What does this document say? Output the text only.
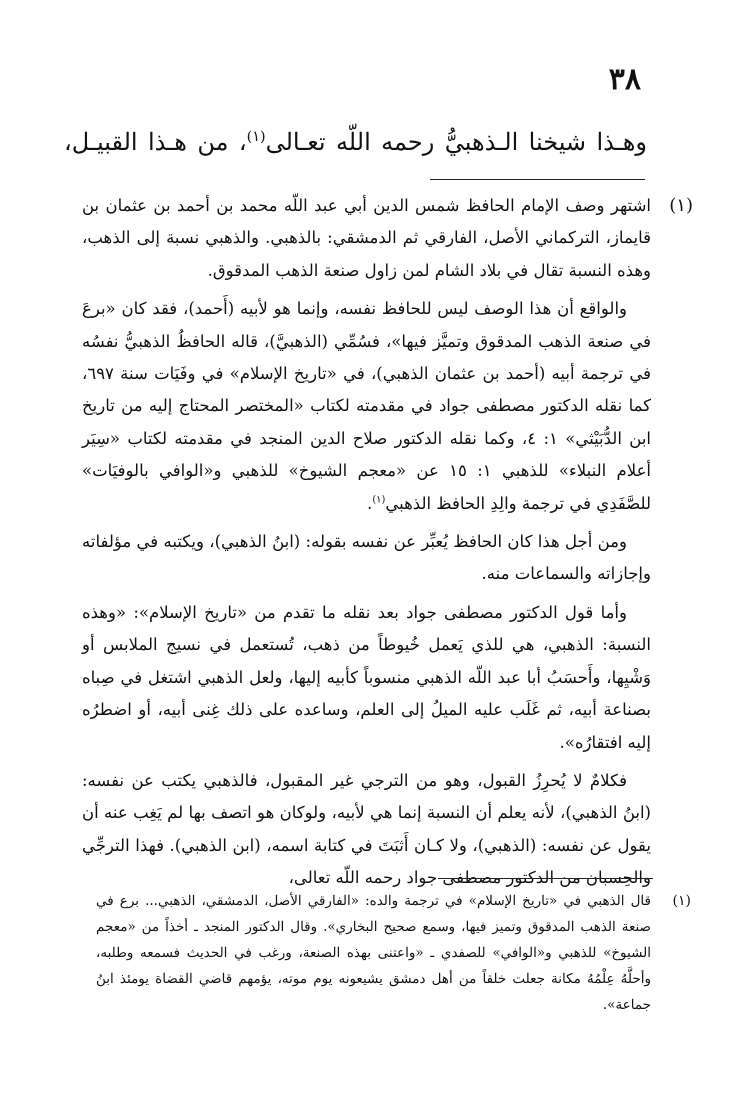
٣٨
وهـذا شيخنا الـذهبيُّ رحمه اللّه تعـالى$^{(١)}$، من هـذا القبيـل،
(١)

اشتهر وصف الإمام الحافظ شمس الدين أبي عبد اللّه محمد بن أحمد بن عثمان بن قايماز، التركماني الأصل، الفارقي ثم الدمشقي: بالذهبي. والذهبي نسبة إلى الذهب، وهذه النسبة تقال في بلاد الشام لمن زاول صنعة الذهب المدقوق.

والواقع أن هذا الوصف ليس للحافظ نفسه، وإنما هو لأبيه (أَحمد)، فقد كان «برعَ في صنعة الذهب المدقوق وتميَّز فيها»، فسُمِّي (الذهبيَّ)، قاله الحافظُ الذهبيُّ نفسُه في ترجمة أبيه (أحمد بن عثمان الذهبي)، في «تاريخ الإسلام» في وفَيَات سنة ٦٩٧، كما نقله الدكتور مصطفى جواد في مقدمته لكتاب «المختصر المحتاج إليه من تاريخ ابن الدُّبَيْثي» ١: ٤، وكما نقله الدكتور صلاح الدين المنجد في مقدمته لكتاب «سِيَر أعلام النبلاء» للذهبي ١: ١٥ عن «معجم الشيوخ» للذهبي و«الوافي بالوفيَات» للصَّفَدِي في ترجمة والِدِ الحافظ الذهبي$^{(١)}$.

ومن أجل هذا كان الحافظ يُعبِّر عن نفسه بقوله: (ابنُ الذهبي)، ويكتبه في مؤلفاته وإجازاته والسماعات منه.

وأما قول الدكتور مصطفى جواد بعد نقله ما تقدم من «تاريخ الإسلام»: «وهذه النسبة: الذهبي، هي للذي يَعمل خُيوطاً من ذهب، تُستعمل في نسيج الملابس أو وَشْيِها، وأَحسَبُ أبا عبد اللّه الذهبي منسوباً كأبيه إليها، ولعل الذهبي اشتغل في صِباه بصناعة أبيه، ثم غَلَب عليه الميلُ إلى العلم، وساعده على ذلك غِنى أبيه، أو اضطرُه إليه افتقارُه».

فكلامٌ لا يُحرِزُ القبول، وهو من الترجي غير المقبول، فالذهبي يكتب عن نفسه: (ابنُ الذهبي)، لأنه يعلم أن النسبة إنما هي لأبيه، ولوكان هو اتصف بها لم يَغِب عنه أن يقول عن نفسه: (الذهبي)، ولا كـان أَثبَتَ في كتابة اسمه، (ابن الذهبي). فهذا الترجِّي والحِسبان من الدكتور مصطفى جواد رحمه اللّه تعالى،

(١)
قال الذهبي في «تاريخ الإسلام» في ترجمة والده: «الفارقي الأصل، الدمشقي، الذهبي... برع في صنعة الذهب المدقوق وتميز فيها، وسمع صحيح البخاري». وقال الدكتور المنجد ـ أخذاً من «معجم الشيوخ» للذهبي و«الوافي» للصفدي ـ «واعتنى بهذه الصنعة، ورغب في الحديث فسمعه وطلبه، وأحلَّهُ عِلْمُهُ مكانة جعلت خلقاً من أهل دمشق يشيعونه يوم موته، يؤمهم قاضي القضاة يومئذ ابنُ جماعة».
